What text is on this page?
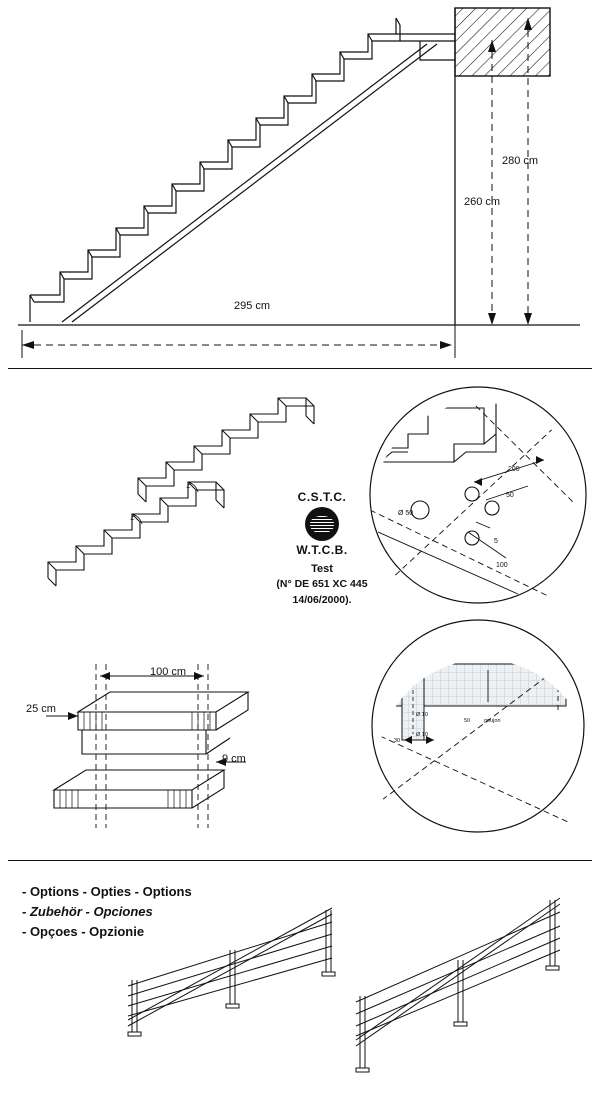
295 cm
260 cm
280 cm
∠
∠
C.S.T.C.
W.T.C.B.
Test
(N° DE 651 XC 445
14/06/2000).
200
50
Ø 50
5
100
100 cm
25 cm
9 cm
Ø 10
Ø 10
50	goujon
30
- Options - Opties - Options
- Zubehör - Opciones
- Opçoes - Opzionie
